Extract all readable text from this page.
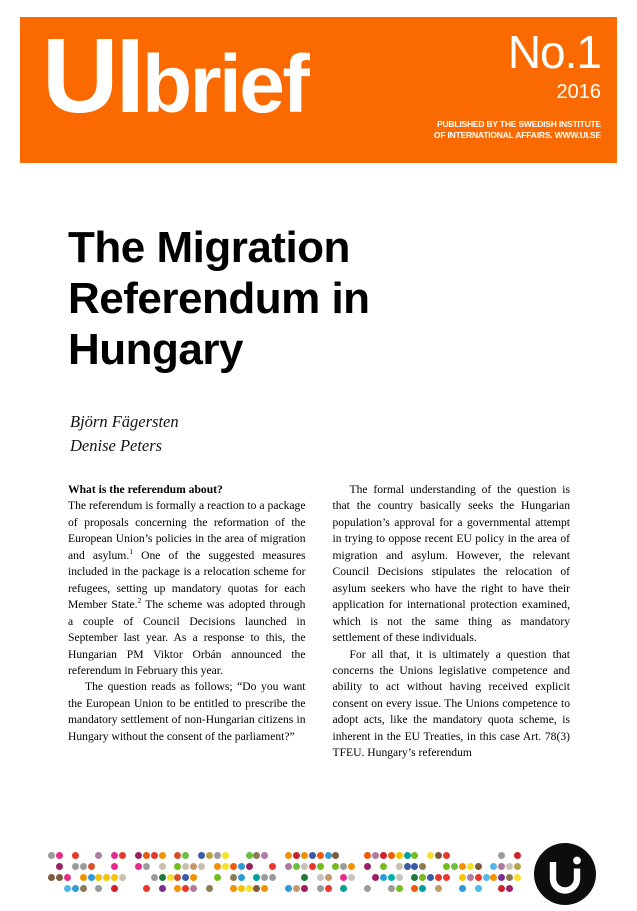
UIbrief	No.1
2016
PUBLISHED BY THE SWEDISH INSTITUTE
OF INTERNATIONAL AFFAIRS. WWW.UI.SE
The Migration Referendum in Hungary
Björn Fägersten
Denise Peters
What is the referendum about?

The referendum is formally a reaction to a package of proposals concerning the reformation of the European Union’s policies in the area of migration and asylum.$^1$ One of the suggested measures included in the package is a relocation scheme for refugees, setting up mandatory quotas for each Member State.$^2$ The scheme was adopted through a couple of Council Decisions launched in September last year. As a response to this, the Hungarian PM Viktor Orbán announced the referendum in February this year.

The question reads as follows; “Do you want the European Union to be entitled to prescribe the mandatory settlement of non-Hungarian citizens in Hungary without the consent of the parliament?”

The formal understanding of the question is that the country basically seeks the Hungarian population’s approval for a governmental attempt in trying to oppose recent EU policy in the area of migration and asylum. However, the relevant Council Decisions stipulates the relocation of asylum seekers who have the right to have their application for international protection examined, which is not the same thing as mandatory settlement of these individuals.

For all that, it is ultimately a question that concerns the Unions legislative competence and ability to act without having received explicit consent on every issue. The Unions competence to adopt acts, like the mandatory quota scheme, is inherent in the EU Treaties, in this case Art. 78(3) TFEU. Hungary’s referendum
